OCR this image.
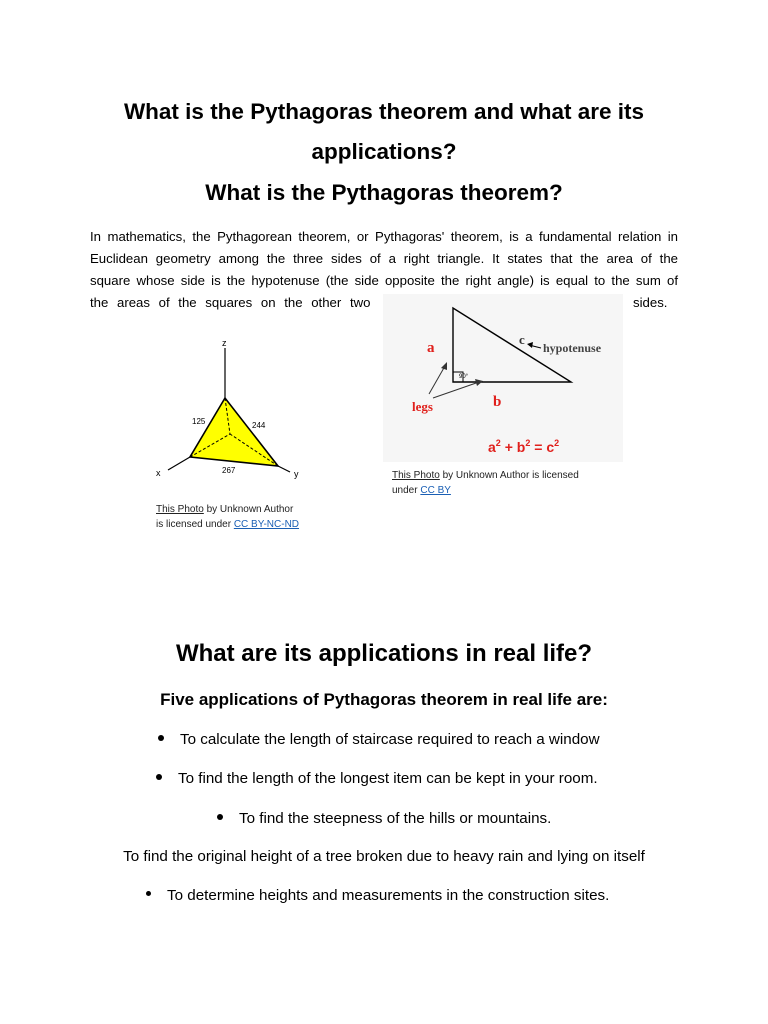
What is the Pythagoras theorem and what are its
applications?
What is the Pythagoras theorem?
In mathematics, the Pythagorean theorem, or Pythagoras' theorem, is a fundamental relation in
Euclidean geometry among the three sides of a right triangle. It states that the area of the
square whose side is the hypotenuse (the side opposite the right angle) is equal to the sum of
the areas of the squares on the other two	sides.
z
x	y
125	244
267
This Photo by Unknown Author
is licensed under CC BY-NC-ND
90°
hypotenuse
c
a
b
legs
$a^2 + b^2 = c^2$
This Photo by Unknown Author is licensed
under CC BY
What are its applications in real life?
Five applications of Pythagoras theorem in real life are:
To calculate the length of staircase required to reach a window
To find the length of the longest item can be kept in your room.
To find the steepness of the hills or mountains.
To find the original height of a tree broken due to heavy rain and lying on itself
To determine heights and measurements in the construction sites.
